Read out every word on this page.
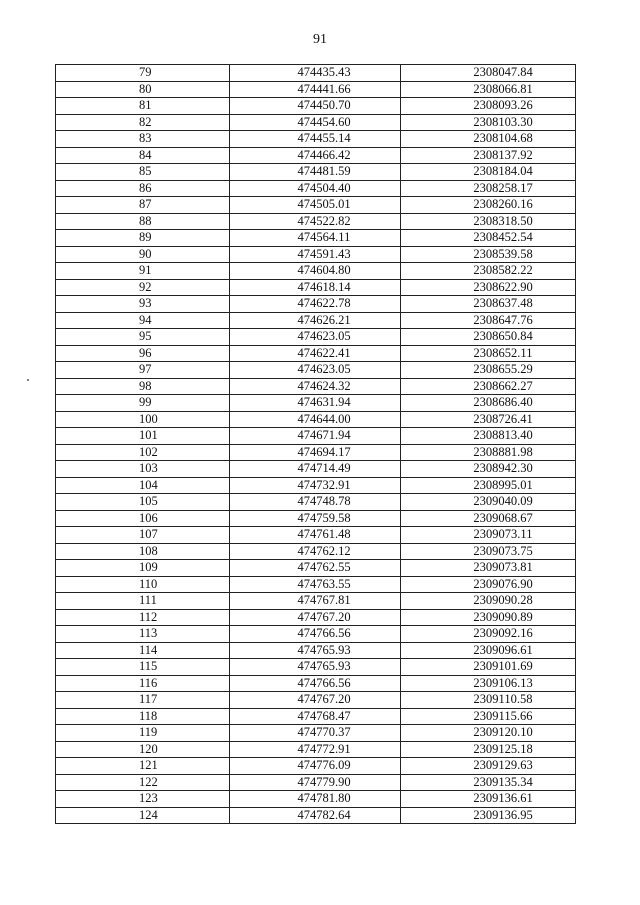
91
79	474435.43	2308047.84
80	474441.66	2308066.81
81	474450.70	2308093.26
82	474454.60	2308103.30
83	474455.14	2308104.68
84	474466.42	2308137.92
85	474481.59	2308184.04
86	474504.40	2308258.17
87	474505.01	2308260.16
88	474522.82	2308318.50
89	474564.11	2308452.54
90	474591.43	2308539.58
91	474604.80	2308582.22
92	474618.14	2308622.90
93	474622.78	2308637.48
94	474626.21	2308647.76
95	474623.05	2308650.84
96	474622.41	2308652.11
97	474623.05	2308655.29
98	474624.32	2308662.27
99	474631.94	2308686.40
100	474644.00	2308726.41
101	474671.94	2308813.40
102	474694.17	2308881.98
103	474714.49	2308942.30
104	474732.91	2308995.01
105	474748.78	2309040.09
106	474759.58	2309068.67
107	474761.48	2309073.11
108	474762.12	2309073.75
109	474762.55	2309073.81
110	474763.55	2309076.90
111	474767.81	2309090.28
112	474767.20	2309090.89
113	474766.56	2309092.16
114	474765.93	2309096.61
115	474765.93	2309101.69
116	474766.56	2309106.13
117	474767.20	2309110.58
118	474768.47	2309115.66
119	474770.37	2309120.10
120	474772.91	2309125.18
121	474776.09	2309129.63
122	474779.90	2309135.34
123	474781.80	2309136.61
124	474782.64	2309136.95
